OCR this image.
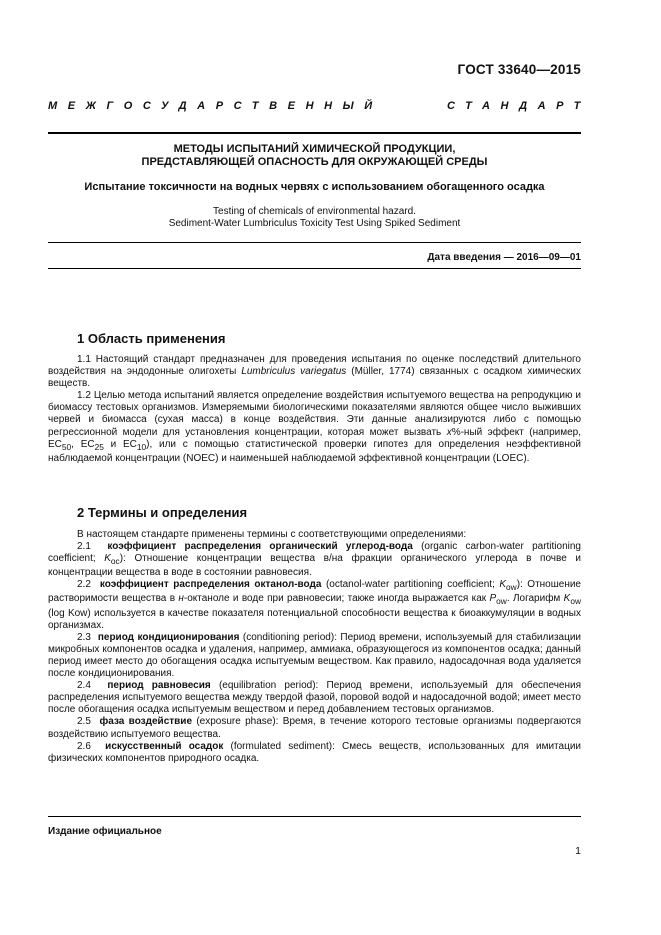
ГОСТ 33640—2015
МЕЖГОСУДАРСТВЕННЫЙ	СТАНДАРТ
МЕТОДЫ ИСПЫТАНИЙ ХИМИЧЕСКОЙ ПРОДУКЦИИ,
ПРЕДСТАВЛЯЮЩЕЙ ОПАСНОСТЬ ДЛЯ ОКРУЖАЮЩЕЙ СРЕДЫ
Испытание токсичности на водных червях с использованием обогащенного осадка
Testing of chemicals of environmental hazard.
Sediment-Water Lumbriculus Toxicity Test Using Spiked Sediment
Дата введения — 2016—09—01
1 Область применения

1.1 Настоящий стандарт предназначен для проведения испытания по оценке последствий длительного воздействия на эндодонные олигохеты Lumbriculus variegatus (Müller, 1774) связанных с осадком химических веществ.

1.2 Целью метода испытаний является определение воздействия испытуемого вещества на репродукцию и биомассу тестовых организмов. Измеряемыми биологическими показателями являются общее число выживших червей и биомасса (сухая масса) в конце воздействия. Эти данные анализируются либо с помощью регрессионной модели для установления концентрации, которая может вызвать x%-ный эффект (например, $EC_{50}$, $EC_{25}$ и $EC_{10}$), или с помощью статистической проверки гипотез для определения неэффективной наблюдаемой концентрации (NOEC) и наименьшей наблюдаемой эффективной концентрации (LOEC).

2 Термины и определения

В настоящем стандарте применены термины с соответствующими определениями:

2.1 коэффициент распределения органический углерод-вода (organic carbon-water partitioning coefficient; $K_{oc}$): Отношение концентрации вещества в/на фракции органического углерода в почве и концентрации вещества в воде в состоянии равновесия.

2.2 коэффициент распределения октанол-вода (octanol-water partitioning coefficient; $K_{ow}$): Отношение растворимости вещества в н-октаноле и воде при равновесии; также иногда выражается как $P_{ow}$. Логарифм $K_{ow}$ (log Kow) используется в качестве показателя потенциальной способности вещества к биоаккумуляции в водных организмах.

2.3 период кондиционирования (conditioning period): Период времени, используемый для стабилизации микробных компонентов осадка и удаления, например, аммиака, образующегося из компонентов осадка; данный период имеет место до обогащения осадка испытуемым веществом. Как правило, надосадочная вода удаляется после кондиционирования.

2.4 период равновесия (equilibration period): Период времени, используемый для обеспечения распределения испытуемого вещества между твердой фазой, поровой водой и надосадочной водой; имеет место после обогащения осадка испытуемым веществом и перед добавлением тестовых организмов.

2.5 фаза воздействие (exposure phase): Время, в течение которого тестовые организмы подвергаются воздействию испытуемого вещества.

2.6 искусственный осадок (formulated sediment): Смесь веществ, использованных для имитации физических компонентов природного осадка.

Издание официальное
1
